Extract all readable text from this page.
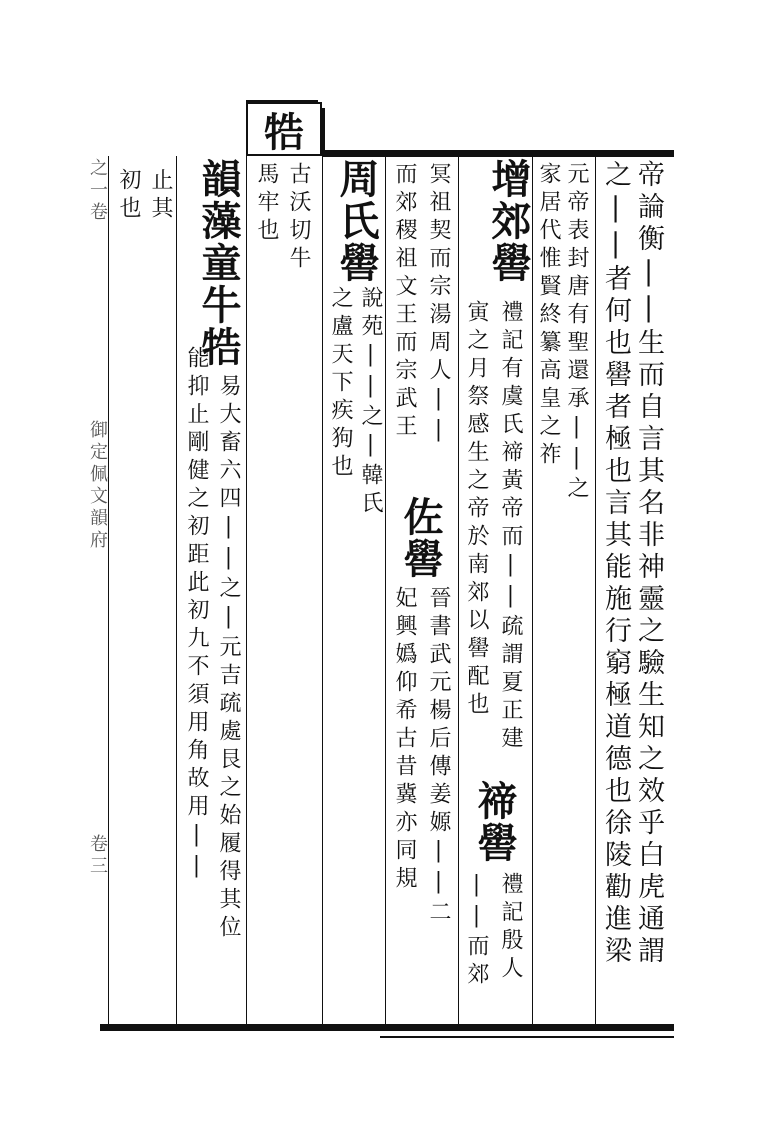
牿
帝論衡||生而自言其名非神靈之驗生知之效乎白虎通謂
之||者何也嚳者極也言其能施行窮極道德也徐陵勸進梁
元帝表封唐有聖還承||之
家居代惟賢終纂高皇之祚
增郊嚳
禮記有虞氏禘黃帝而||疏謂夏正建
寅之月祭感生之帝於南郊以嚳配也
禘嚳
禮記殷人
||而郊
冥祖契而宗湯周人||
而郊稷祖文王而宗武王
佐嚳
晉書武元楊后傳姜嫄||二
妃興嬀仰希古昔冀亦同規
周氏嚳
說苑||之|韓氏
之盧天下疾狗也
古沃切牛
馬牢也
韻藻童牛牿
易大畜六四||之|元吉疏處艮之始履得其位
能抑止剛健之初距此初九不須用角故用||
止其
初也
之一卷
御定佩文韻府
卷三
